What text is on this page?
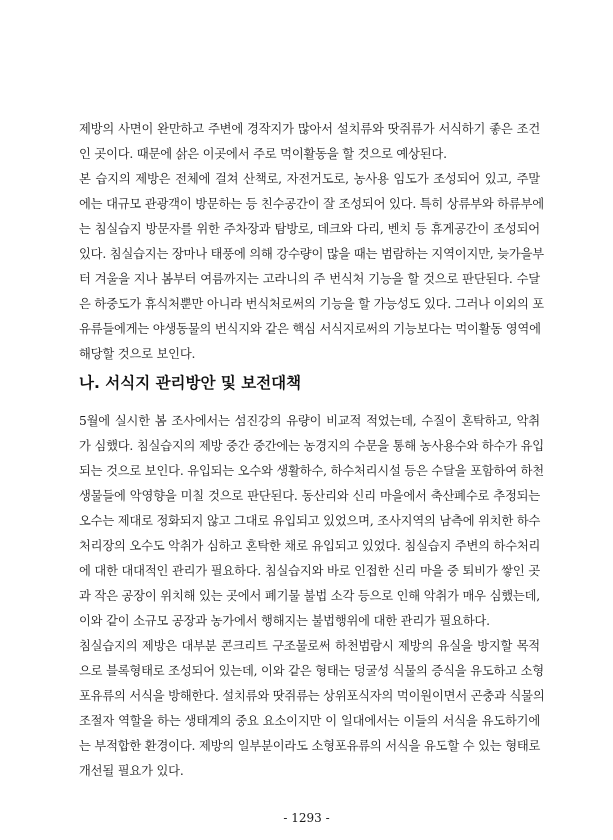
제방의 사면이 완만하고 주변에 경작지가 많아서 설치류와 땃쥐류가 서식하기 좋은 조건
인 곳이다. 때문에 삵은 이곳에서 주로 먹이활동을 할 것으로 예상된다.
본 습지의 제방은 전체에 걸쳐 산책로, 자전거도로, 농사용 임도가 조성되어 있고, 주말
에는 대규모 관광객이 방문하는 등 친수공간이 잘 조성되어 있다. 특히 상류부와 하류부에
는 침실습지 방문자를 위한 주차장과 탐방로, 데크와 다리, 벤치 등 휴게공간이 조성되어
있다. 침실습지는 장마나 태풍에 의해 강수량이 많을 때는 범람하는 지역이지만, 늦가을부
터 겨울을 지나 봄부터 여름까지는 고라니의 주 번식처 기능을 할 것으로 판단된다. 수달
은 하중도가 휴식처뿐만 아니라 번식처로써의 기능을 할 가능성도 있다. 그러나 이외의 포
유류들에게는 야생동물의 번식지와 같은 핵심 서식지로써의 기능보다는 먹이활동 영역에
해당할 것으로 보인다.
나. 서식지 관리방안 및 보전대책
5월에 실시한 봄 조사에서는 섬진강의 유량이 비교적 적었는데, 수질이 혼탁하고, 악취
가 심했다. 침실습지의 제방 중간 중간에는 농경지의 수문을 통해 농사용수와 하수가 유입
되는 것으로 보인다. 유입되는 오수와 생활하수, 하수처리시설 등은 수달을 포함하여 하천
생물들에 악영향을 미칠 것으로 판단된다. 동산리와 신리 마을에서 축산폐수로 추정되는
오수는 제대로 정화되지 않고 그대로 유입되고 있었으며, 조사지역의 남측에 위치한 하수
처리장의 오수도 악취가 심하고 혼탁한 채로 유입되고 있었다. 침실습지 주변의 하수처리
에 대한 대대적인 관리가 필요하다. 침실습지와 바로 인접한 신리 마을 중 퇴비가 쌓인 곳
과 작은 공장이 위치해 있는 곳에서 폐기물 불법 소각 등으로 인해 악취가 매우 심했는데,
이와 같이 소규모 공장과 농가에서 행해지는 불법행위에 대한 관리가 필요하다.
침실습지의 제방은 대부분 콘크리트 구조물로써 하천범람시 제방의 유실을 방지할 목적
으로 블록형태로 조성되어 있는데, 이와 같은 형태는 덩굴성 식물의 증식을 유도하고 소형
포유류의 서식을 방해한다. 설치류와 땃쥐류는 상위포식자의 먹이원이면서 곤충과 식물의
조절자 역할을 하는 생태계의 중요 요소이지만 이 일대에서는 이들의 서식을 유도하기에
는 부적합한 환경이다. 제방의 일부분이라도 소형포유류의 서식을 유도할 수 있는 형태로
개선될 필요가 있다.
- 1293 -
